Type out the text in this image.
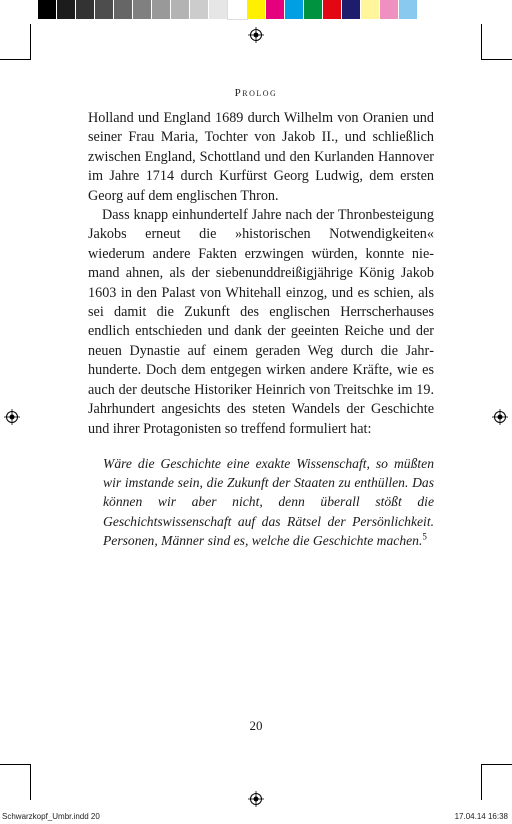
Prolog

Holland und England 1689 durch Wilhelm von Oranien und seiner Frau Maria, Tochter von Jakob II., und schließlich zwischen England, Schottland und den Kurlanden Hannover im Jahre 1714 durch Kurfürst Georg Ludwig, dem ersten Georg auf dem englischen Thron.

Dass knapp einhundertelf Jahre nach der Thronbesteigung Jakobs erneut die »historischen Notwendigkeiten« wiederum andere Fakten erzwingen würden, konnte niemand ahnen, als der siebenunddreißigjährige König Jakob 1603 in den Palast von Whitehall einzog, und es schien, als sei damit die Zukunft des englischen Herrscherhauses endlich entschieden und dank der geeinten Reiche und der neuen Dynastie auf einem geraden Weg durch die Jahrhunderte. Doch dem entgegen wirken andere Kräfte, wie es auch der deutsche Historiker Heinrich von Treitschke im 19. Jahrhundert angesichts des steten Wandels der Geschichte und ihrer Protagonisten so treffend formuliert hat:

Wäre die Geschichte eine exakte Wissenschaft, so müßten wir imstande sein, die Zukunft der Staaten zu enthüllen. Das können wir aber nicht, denn überall stößt die Geschichtswissenschaft auf das Rätsel der Persönlichkeit. Personen, Männer sind es, welche die Geschichte machen.$^5$
20
Schwarzkopf_Umbr.indd 20	17.04.14 16:38
